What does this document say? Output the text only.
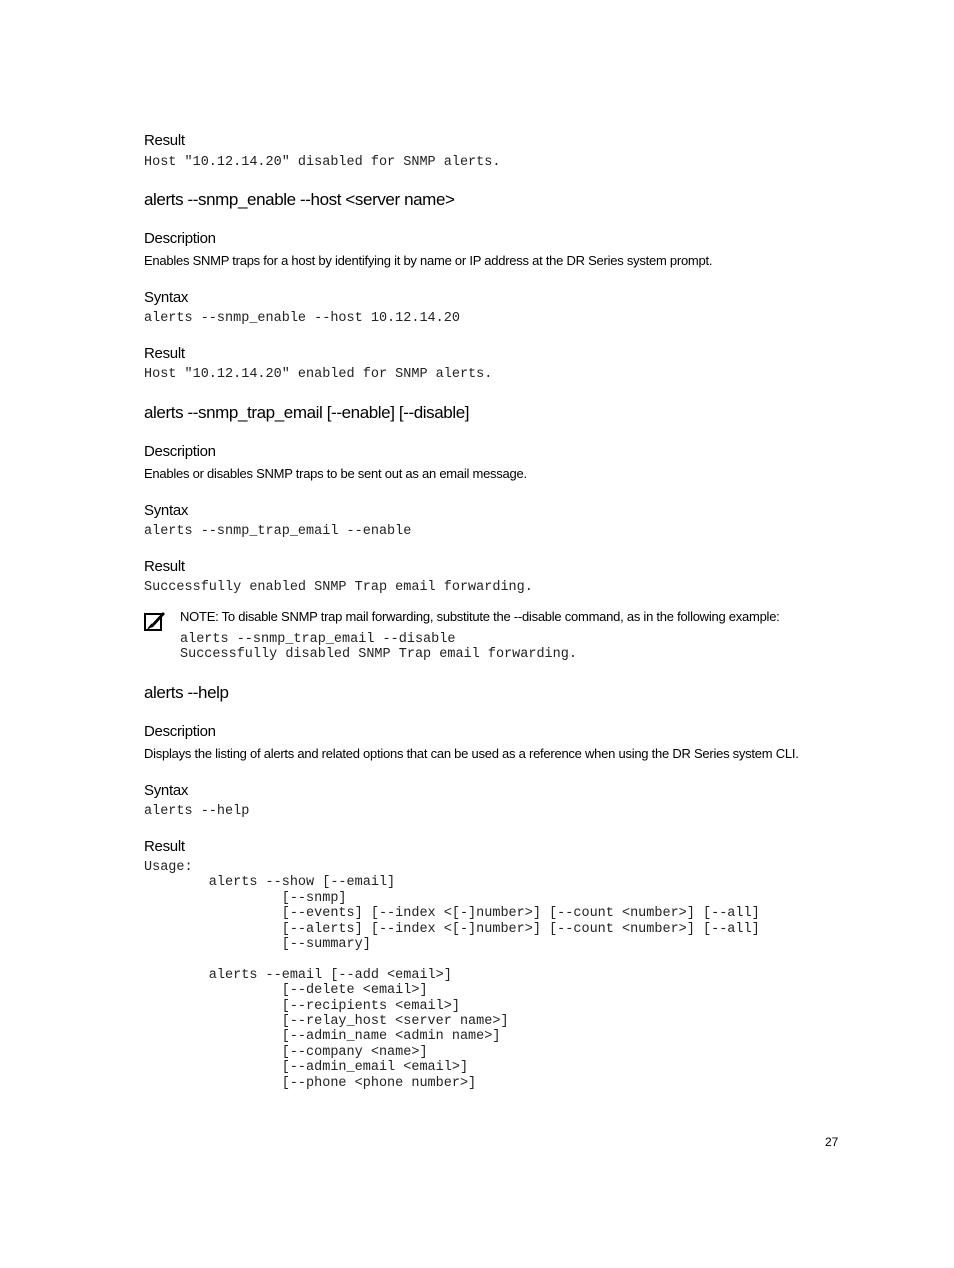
Result
Host "10.12.14.20" disabled for SNMP alerts.
alerts --snmp_enable --host <server name>
Description
Enables SNMP traps for a host by identifying it by name or IP address at the DR Series system prompt.
Syntax
alerts --snmp_enable --host 10.12.14.20
Result
Host "10.12.14.20" enabled for SNMP alerts.
alerts --snmp_trap_email [--enable] [--disable]
Description
Enables or disables SNMP traps to be sent out as an email message.
Syntax
alerts --snmp_trap_email --enable
Result
Successfully enabled SNMP Trap email forwarding.
NOTE: To disable SNMP trap mail forwarding, substitute the --disable command, as in the following example:
alerts --snmp_trap_email --disable
Successfully disabled SNMP Trap email forwarding.
alerts --help
Description
Displays the listing of alerts and related options that can be used as a reference when using the DR Series system CLI.
Syntax
alerts --help
Result
Usage:
alerts --show [--email]
[--snmp]
[--events] [--index <[-]number>] [--count <number>] [--all]
[--alerts] [--index <[-]number>] [--count <number>] [--all]
[--summary]

alerts --email [--add <email>]
[--delete <email>]
[--recipients <email>]
[--relay_host <server name>]
[--admin_name <admin name>]
[--company <name>]
[--admin_email <email>]
[--phone <phone number>]
27
